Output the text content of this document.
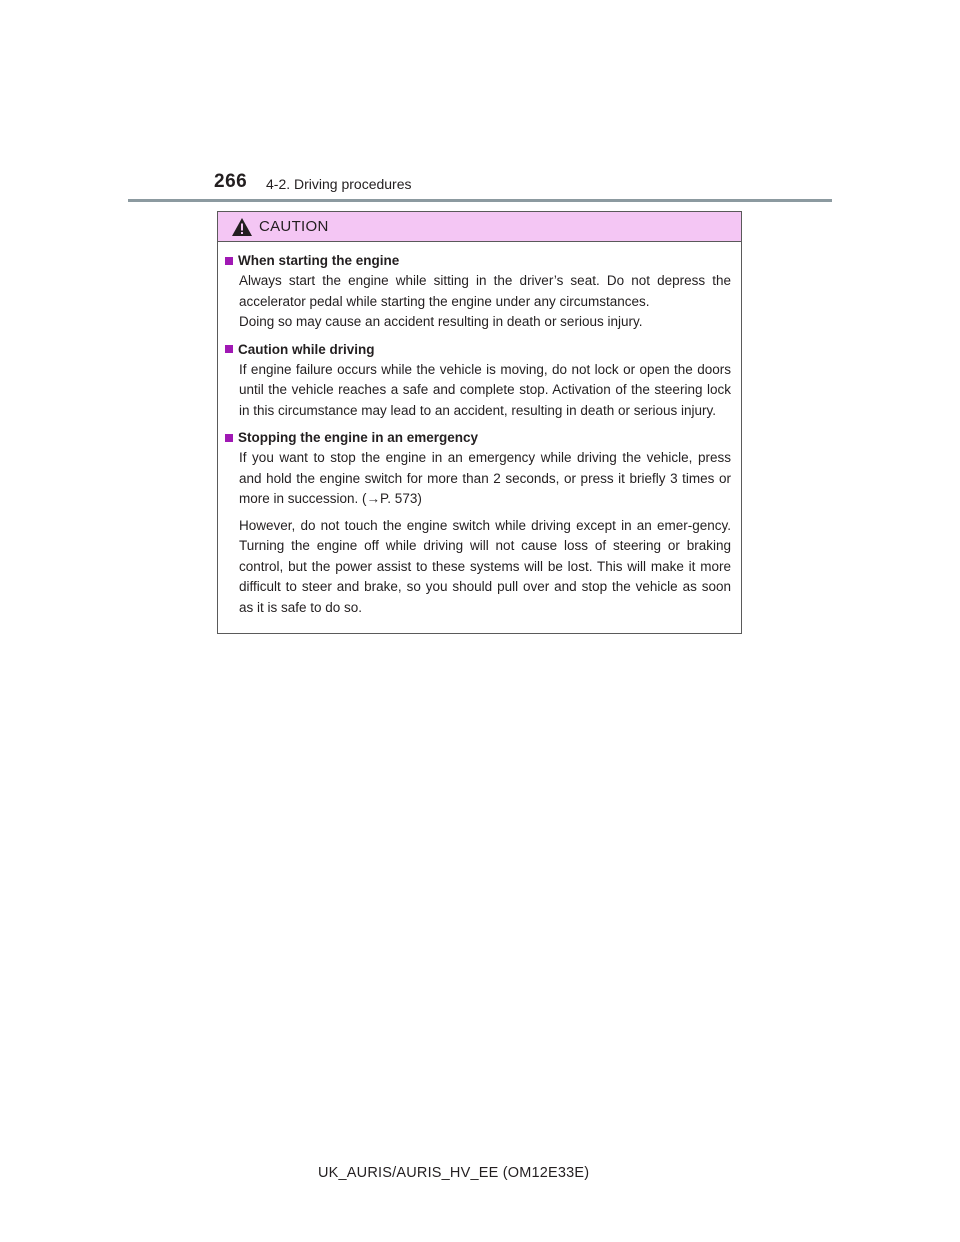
266 4-2. Driving procedures
CAUTION
When starting the engine

Always start the engine while sitting in the driver’s seat. Do not depress the accelerator pedal while starting the engine under any circumstances.

Doing so may cause an accident resulting in death or serious injury.

Caution while driving

If engine failure occurs while the vehicle is moving, do not lock or open the doors until the vehicle reaches a safe and complete stop. Activation of the steering lock in this circumstance may lead to an accident, resulting in death or serious injury.

Stopping the engine in an emergency

If you want to stop the engine in an emergency while driving the vehicle, press and hold the engine switch for more than 2 seconds, or press it briefly 3 times or more in succession. (→P. 573)

However, do not touch the engine switch while driving except in an emer-gency. Turning the engine off while driving will not cause loss of steering or braking control, but the power assist to these systems will be lost. This will make it more difficult to steer and brake, so you should pull over and stop the vehicle as soon as it is safe to do so.

UK_AURIS/AURIS_HV_EE (OM12E33E)
